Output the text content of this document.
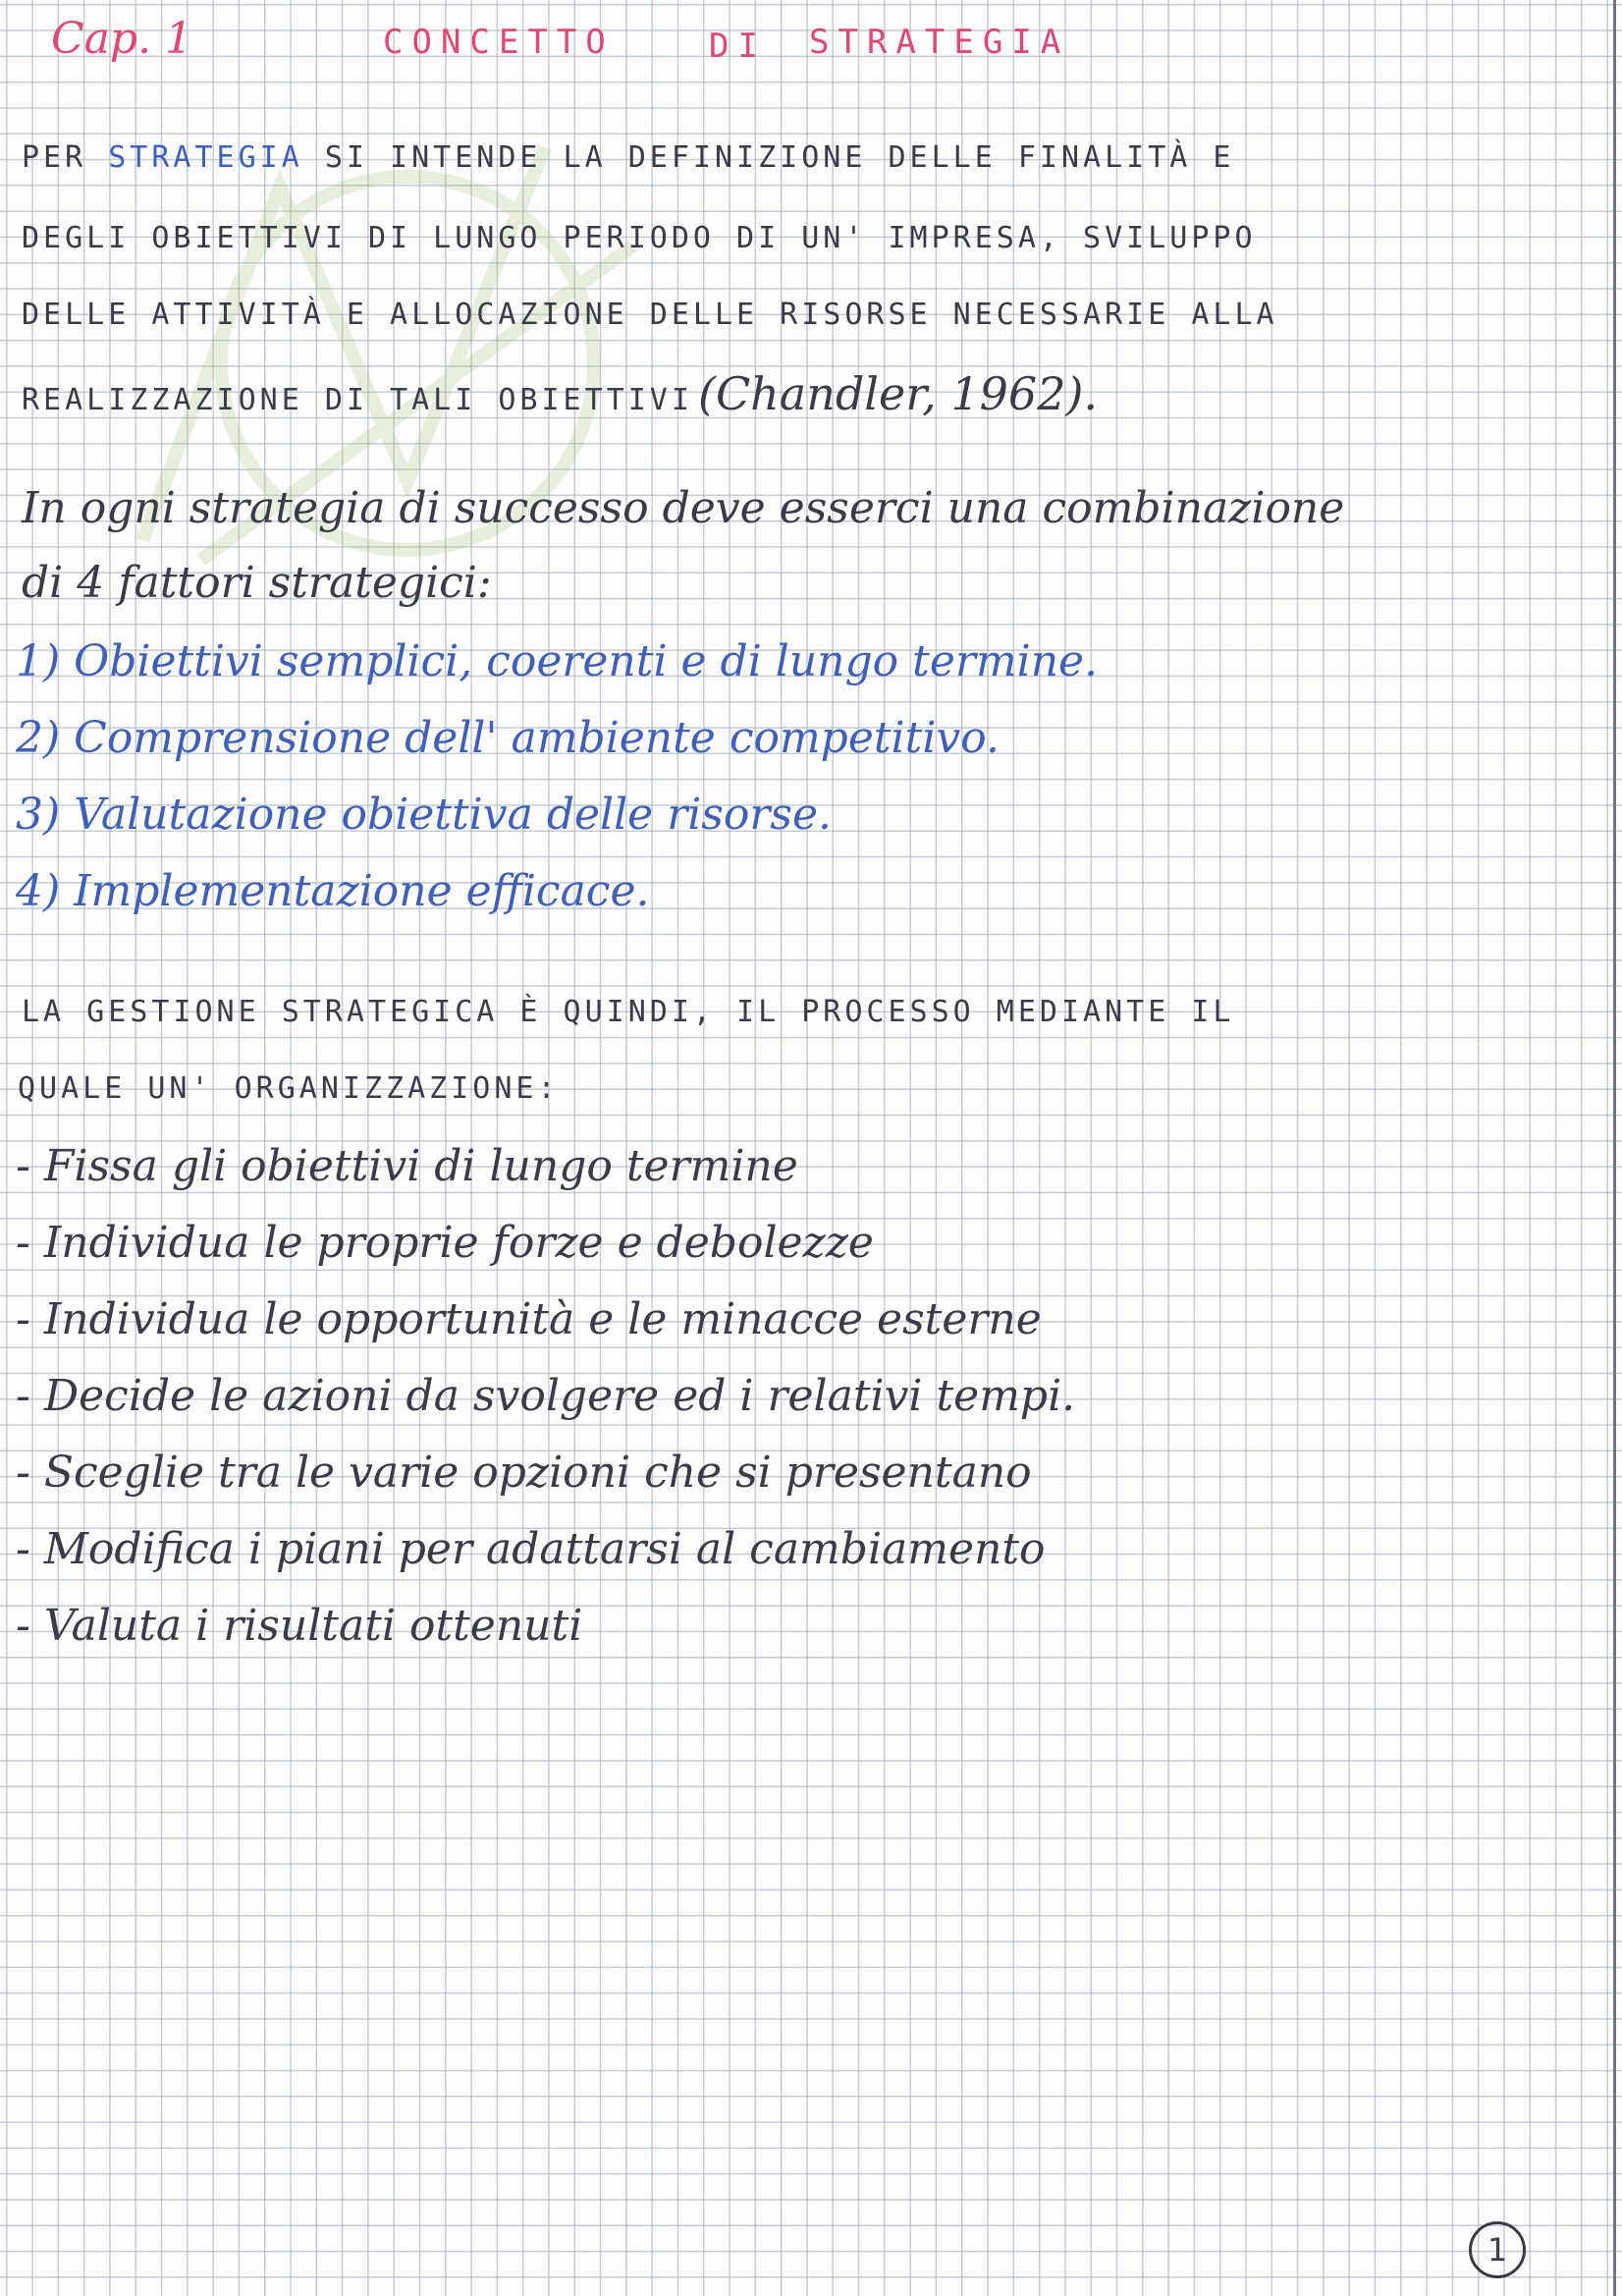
Cap. 1	CONCETTO	DI STRATEGIA
PER STRATEGIA SI INTENDE LA DEFINIZIONE DELLE FINALITÀ E
DEGLI OBIETTIVI DI LUNGO PERIODO DI UN' IMPRESA, SVILUPPO
DELLE ATTIVITÀ E ALLOCAZIONE DELLE RISORSE NECESSARIE ALLA
REALIZZAZIONE DI TALI OBIETTIVI (Chandler, 1962).
In ogni strategia di successo deve esserci una combinazione
di 4 fattori strategici:
1) Obiettivi semplici, coerenti e di lungo termine.
2) Comprensione dell' ambiente competitivo.
3) Valutazione obiettiva delle risorse.
4) Implementazione efficace.
LA GESTIONE STRATEGICA È QUINDI, IL PROCESSO MEDIANTE IL
QUALE UN' ORGANIZZAZIONE:
- Fissa gli obiettivi di lungo termine
- Individua le proprie forze e debolezze
- Individua le opportunità e le minacce esterne
- Decide le azioni da svolgere ed i relativi tempi.
- Sceglie tra le varie opzioni che si presentano
- Modifica i piani per adattarsi al cambiamento
- Valuta i risultati ottenuti
1
